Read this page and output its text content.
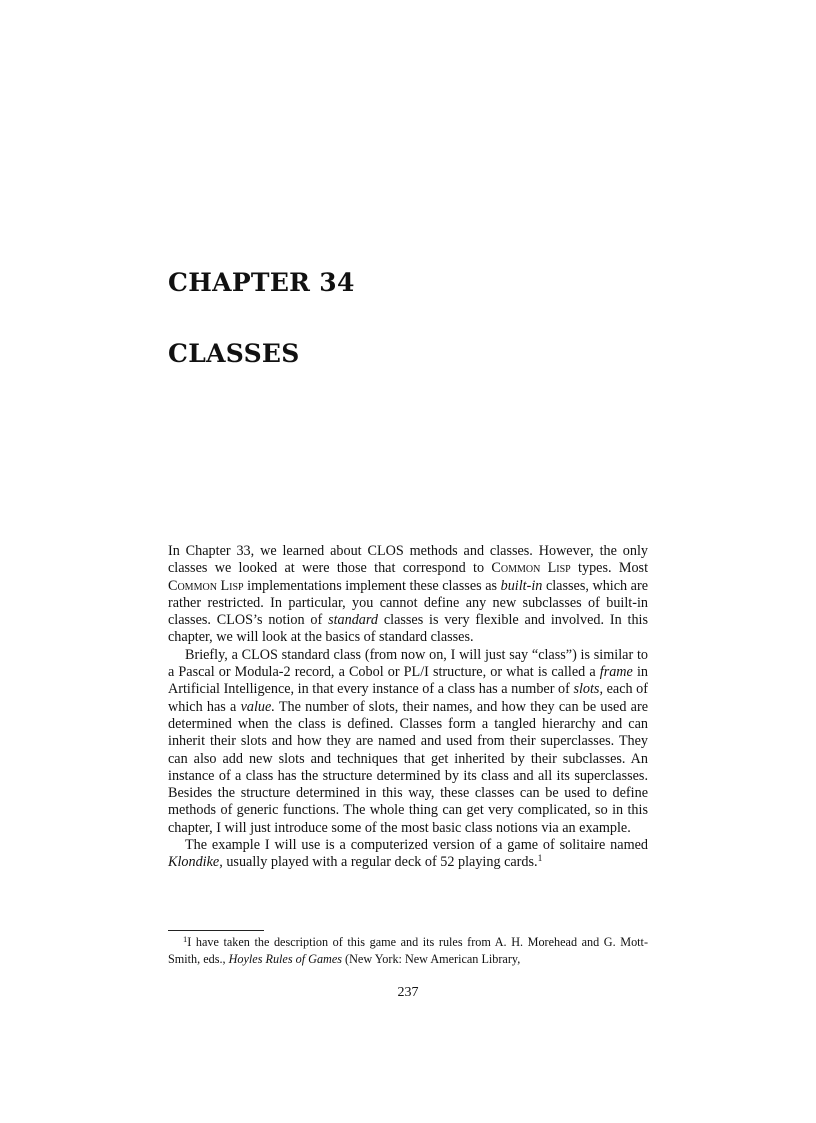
CHAPTER 34
CLASSES

In Chapter 33, we learned about CLOS methods and classes. However, the only classes we looked at were those that correspond to Common Lisp types. Most Common Lisp implementations implement these classes as built-in classes, which are rather restricted. In particular, you cannot define any new subclasses of built-in classes. CLOS’s notion of standard classes is very flexible and involved. In this chapter, we will look at the basics of standard classes.

Briefly, a CLOS standard class (from now on, I will just say “class”) is similar to a Pascal or Modula-2 record, a Cobol or PL/I structure, or what is called a frame in Artificial Intelligence, in that every instance of a class has a number of slots, each of which has a value. The number of slots, their names, and how they can be used are determined when the class is defined. Classes form a tangled hierarchy and can inherit their slots and how they are named and used from their superclasses. They can also add new slots and techniques that get inherited by their subclasses. An instance of a class has the structure determined by its class and all its superclasses. Besides the structure determined in this way, these classes can be used to define methods of generic functions. The whole thing can get very complicated, so in this chapter, I will just introduce some of the most basic class notions via an example.

The example I will use is a computerized version of a game of solitaire named Klondike, usually played with a regular deck of 52 playing cards.$^1$

$^1$I have taken the description of this game and its rules from A. H. Morehead and G. Mott-Smith, eds., Hoyles Rules of Games (New York: New American Library,

237
